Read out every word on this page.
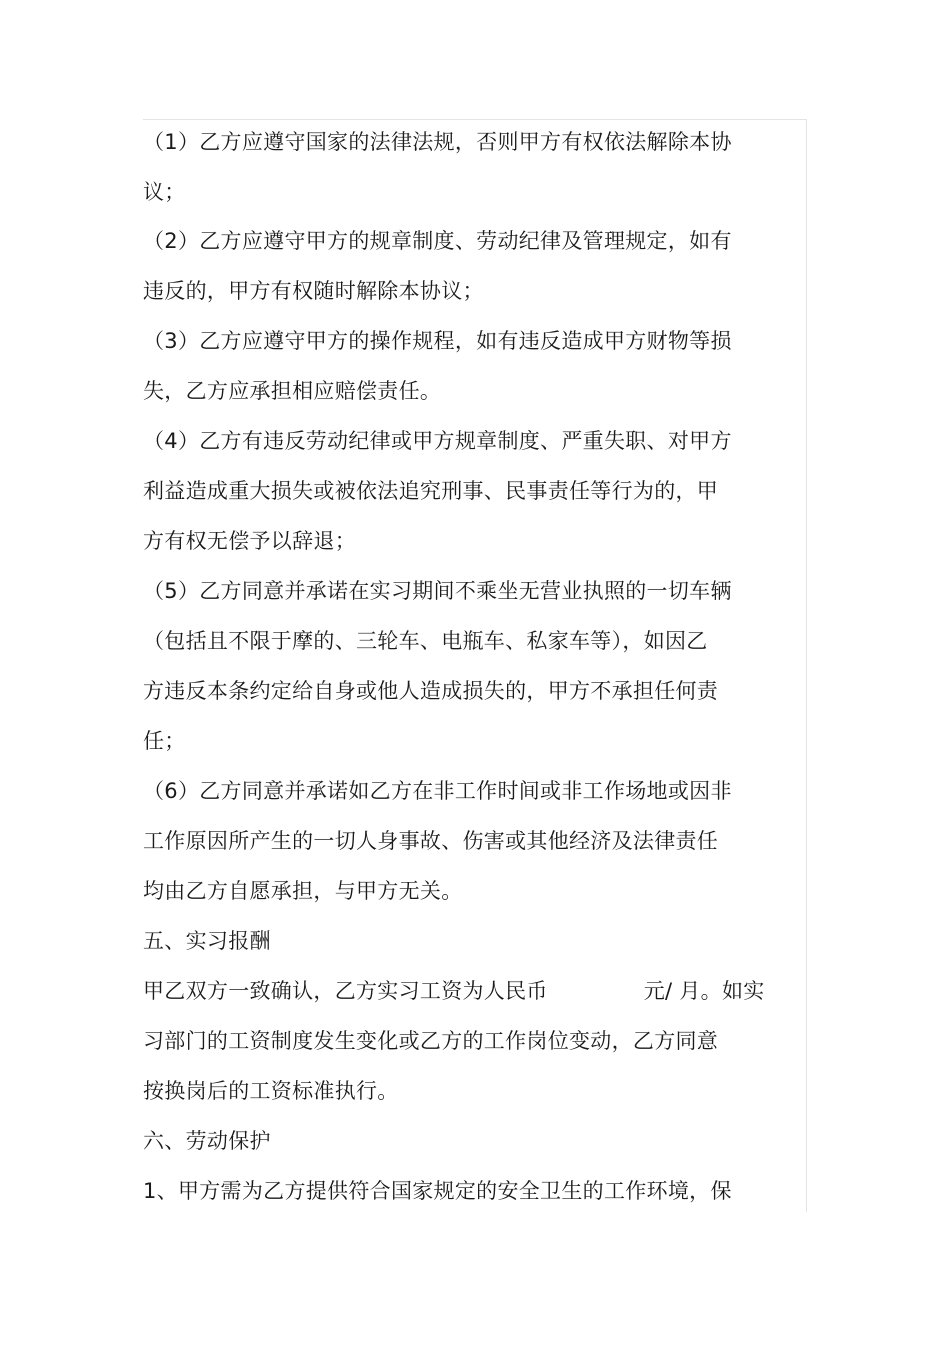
（1）乙方应遵守国家的法律法规，否则甲方有权依法解除本协
议；
（2）乙方应遵守甲方的规章制度、劳动纪律及管理规定，如有
违反的，甲方有权随时解除本协议；
（3）乙方应遵守甲方的操作规程，如有违反造成甲方财物等损
失，乙方应承担相应赔偿责任。
（4）乙方有违反劳动纪律或甲方规章制度、严重失职、对甲方
利益造成重大损失或被依法追究刑事、民事责任等行为的，甲
方有权无偿予以辞退；
（5）乙方同意并承诺在实习期间不乘坐无营业执照的一切车辆
（包括且不限于摩的、三轮车、电瓶车、私家车等），如因乙
方违反本条约定给自身或他人造成损失的，甲方不承担任何责
任；
（6）乙方同意并承诺如乙方在非工作时间或非工作场地或因非
工作原因所产生的一切人身事故、伤害或其他经济及法律责任
均由乙方自愿承担，与甲方无关。
五、实习报酬
甲乙双方一致确认，乙方实习工资为人民币	元/ 月。如实
习部门的工资制度发生变化或乙方的工作岗位变动，乙方同意
按换岗后的工资标准执行。
六、劳动保护
1、甲方需为乙方提供符合国家规定的安全卫生的工作环境，保
